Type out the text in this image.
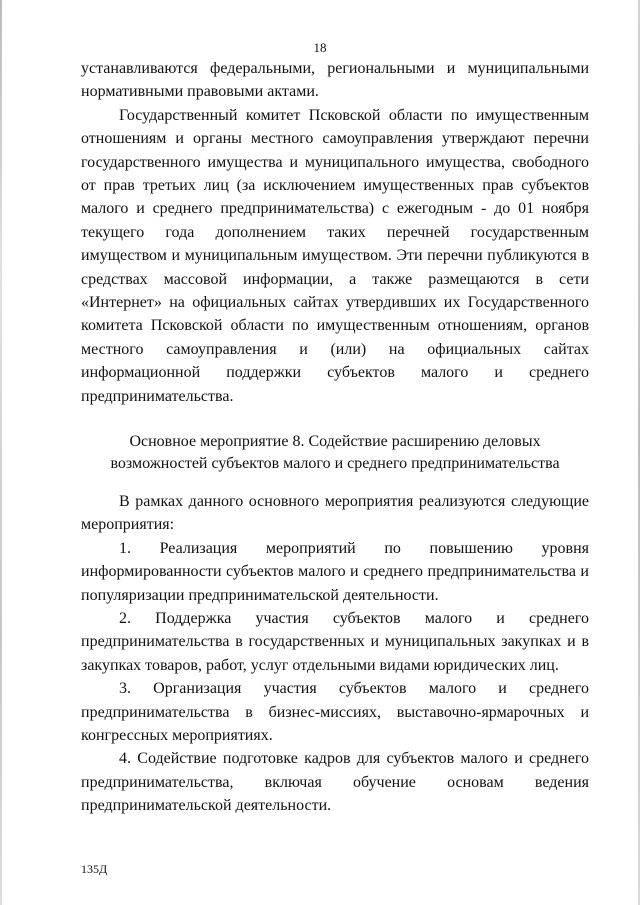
18

устанавливаются федеральными, региональными и муниципальными нормативными правовыми актами.

Государственный комитет Псковской области по имущественным отношениям и органы местного самоуправления утверждают перечни государственного имущества и муниципального имущества, свободного от прав третьих лиц (за исключением имущественных прав субъектов малого и среднего предпринимательства) с ежегодным - до 01 ноября текущего года дополнением таких перечней государственным имуществом и муниципальным имуществом. Эти перечни публикуются в средствах массовой информации, а также размещаются в сети «Интернет» на официальных сайтах утвердивших их Государственного комитета Псковской области по имущественным отношениям, органов местного самоуправления и (или) на официальных сайтах информационной поддержки субъектов малого и среднего предпринимательства.

Основное мероприятие 8. Содействие расширению деловых

возможностей субъектов малого и среднего предпринимательства

В рамках данного основного мероприятия реализуются следующие мероприятия:

1. Реализация мероприятий по повышению уровня информированности субъектов малого и среднего предпринимательства и популяризации предпринимательской деятельности.

2. Поддержка участия субъектов малого и среднего предпринимательства в государственных и муниципальных закупках и в закупках товаров, работ, услуг отдельными видами юридических лиц.

3. Организация участия субъектов малого и среднего предпринимательства в бизнес-миссиях, выставочно-ярмарочных и конгрессных мероприятиях.

4. Содействие подготовке кадров для субъектов малого и среднего предпринимательства, включая обучение основам ведения предпринимательской деятельности.

135Д
